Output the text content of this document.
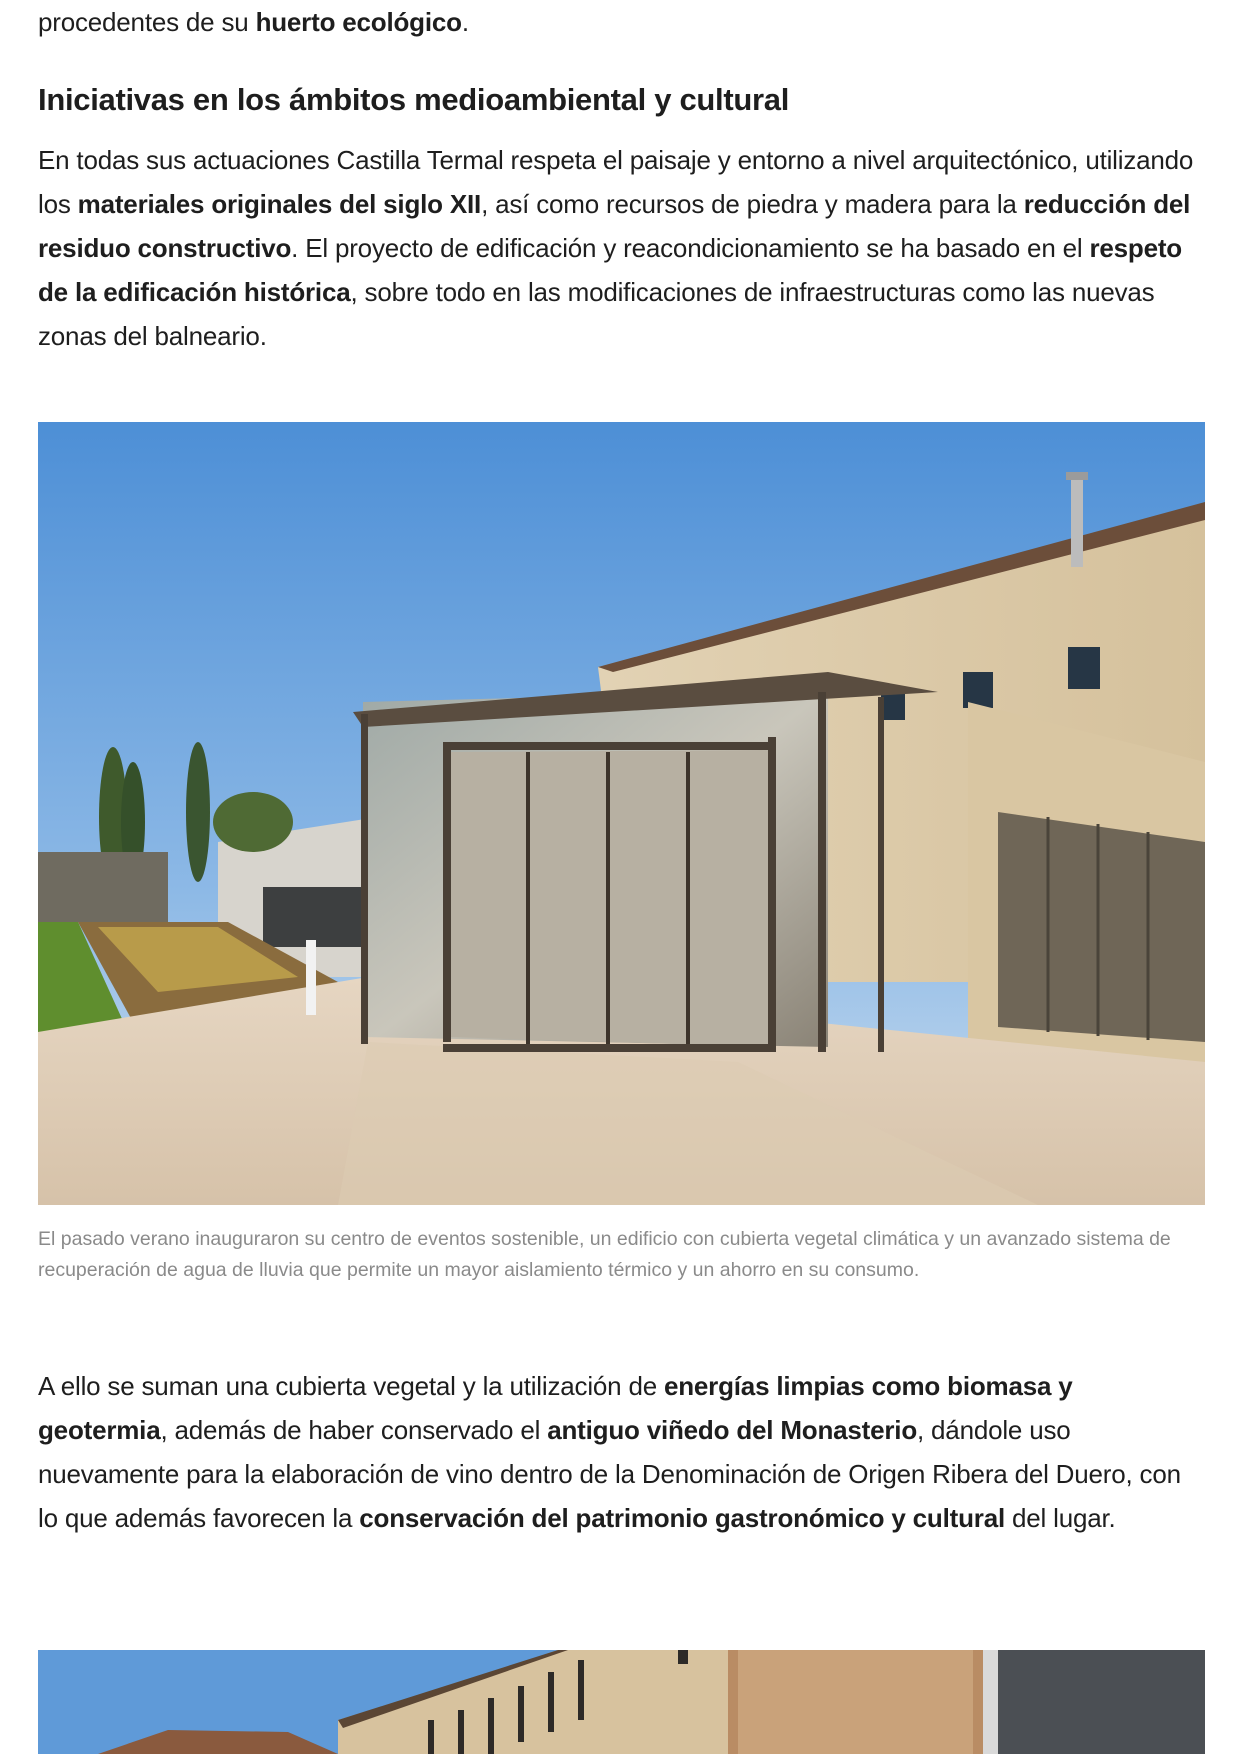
procedentes de su huerto ecológico.

Iniciativas en los ámbitos medioambiental y cultural

En todas sus actuaciones Castilla Termal respeta el paisaje y entorno a nivel arquitectónico, utilizando los materiales originales del siglo XII, así como recursos de piedra y madera para la reducción del residuo constructivo. El proyecto de edificación y reacondicionamiento se ha basado en el respeto de la edificación histórica, sobre todo en las modificaciones de infraestructuras como las nuevas zonas del balneario.

El pasado verano inauguraron su centro de eventos sostenible, un edificio con cubierta vegetal climática y un avanzado sistema de recuperación de agua de lluvia que permite un mayor aislamiento térmico y un ahorro en su consumo.

A ello se suman una cubierta vegetal y la utilización de energías limpias como biomasa y geotermia, además de haber conservado el antiguo viñedo del Monasterio, dándole uso nuevamente para la elaboración de vino dentro de la Denominación de Origen Ribera del Duero, con lo que además favorecen la conservación del patrimonio gastronómico y cultural del lugar.
